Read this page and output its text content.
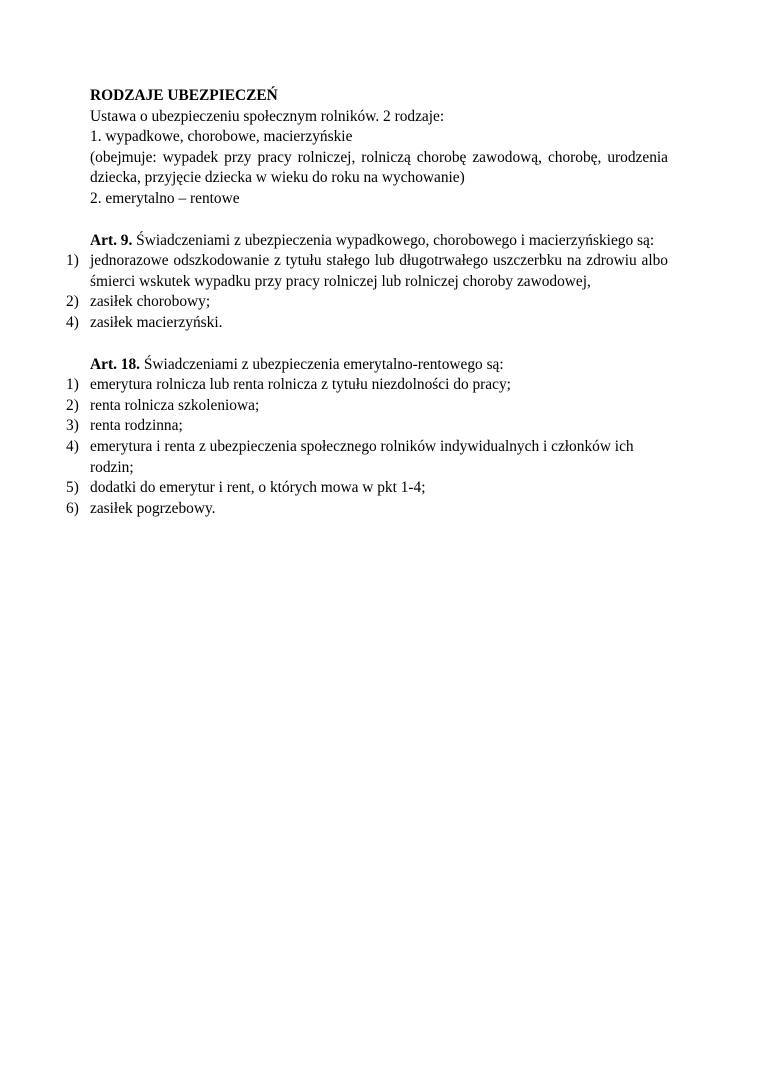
RODZAJE UBEZPIECZEŃ

Ustawa o ubezpieczeniu społecznym rolników. 2 rodzaje:

1. wypadkowe, chorobowe, macierzyńskie

(obejmuje: wypadek przy pracy rolniczej, rolniczą chorobę zawodową, chorobę, urodzenia dziecka, przyjęcie dziecka w wieku do roku na wychowanie)

2. emerytalno – rentowe

Art. 9. Świadczeniami z ubezpieczenia wypadkowego, chorobowego i macierzyńskiego są:

1) jednorazowe odszkodowanie z tytułu stałego lub długotrwałego uszczerbku na zdrowiu albo śmierci wskutek wypadku przy pracy rolniczej lub rolniczej choroby zawodowej,
2) zasiłek chorobowy;
4) zasiłek macierzyński.

Art. 18. Świadczeniami z ubezpieczenia emerytalno-rentowego są:

1) emerytura rolnicza lub renta rolnicza z tytułu niezdolności do pracy;
2) renta rolnicza szkoleniowa;
3) renta rodzinna;
4) emerytura i renta z ubezpieczenia społecznego rolników indywidualnych i członków ich rodzin;
5) dodatki do emerytur i rent, o których mowa w pkt 1-4;
6) zasiłek pogrzebowy.
